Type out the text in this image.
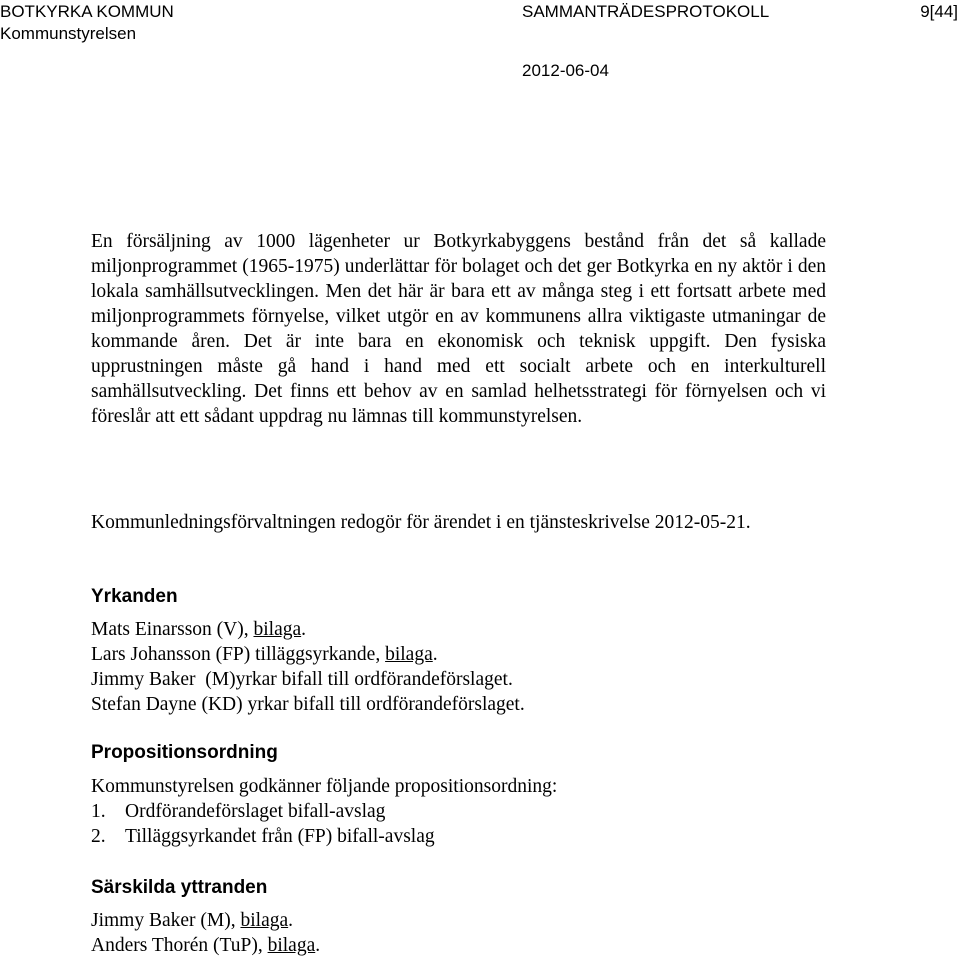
BOTKYRKA KOMMUN
Kommunstyrelsen
SAMMANTRÄDESPROTOKOLL	9[44]
2012-06-04

En försäljning av 1000 lägenheter ur Botkyrkabyggens bestånd från det så kallade miljonprogrammet (1965-1975) underlättar för bolaget och det ger Botkyrka en ny aktör i den lokala samhällsutvecklingen. Men det här är bara ett av många steg i ett fortsatt arbete med miljonprogrammets förnyelse, vilket utgör en av kommunens allra viktigaste utmaningar de kommande åren. Det är inte bara en ekonomisk och teknisk uppgift. Den fysiska upprustningen måste gå hand i hand med ett socialt arbete och en interkulturell samhällsutveckling. Det finns ett behov av en samlad helhetsstrategi för förnyelsen och vi föreslår att ett sådant uppdrag nu lämnas till kommunstyrelsen.

Kommunledningsförvaltningen redogör för ärendet i en tjänsteskrivelse 2012-05-21.

Yrkanden
Mats Einarsson (V), bilaga.
Lars Johansson (FP) tilläggsyrkande, bilaga.
Jimmy Baker  (M)yrkar bifall till ordförandeförslaget.
Stefan Dayne (KD) yrkar bifall till ordförandeförslaget.
Propositionsordning
Kommunstyrelsen godkänner följande propositionsordning:
1. Ordförandeförslaget bifall-avslag
2. Tilläggsyrkandet från (FP) bifall-avslag
Särskilda yttranden
Jimmy Baker (M), bilaga.
Anders Thorén (TuP), bilaga.
